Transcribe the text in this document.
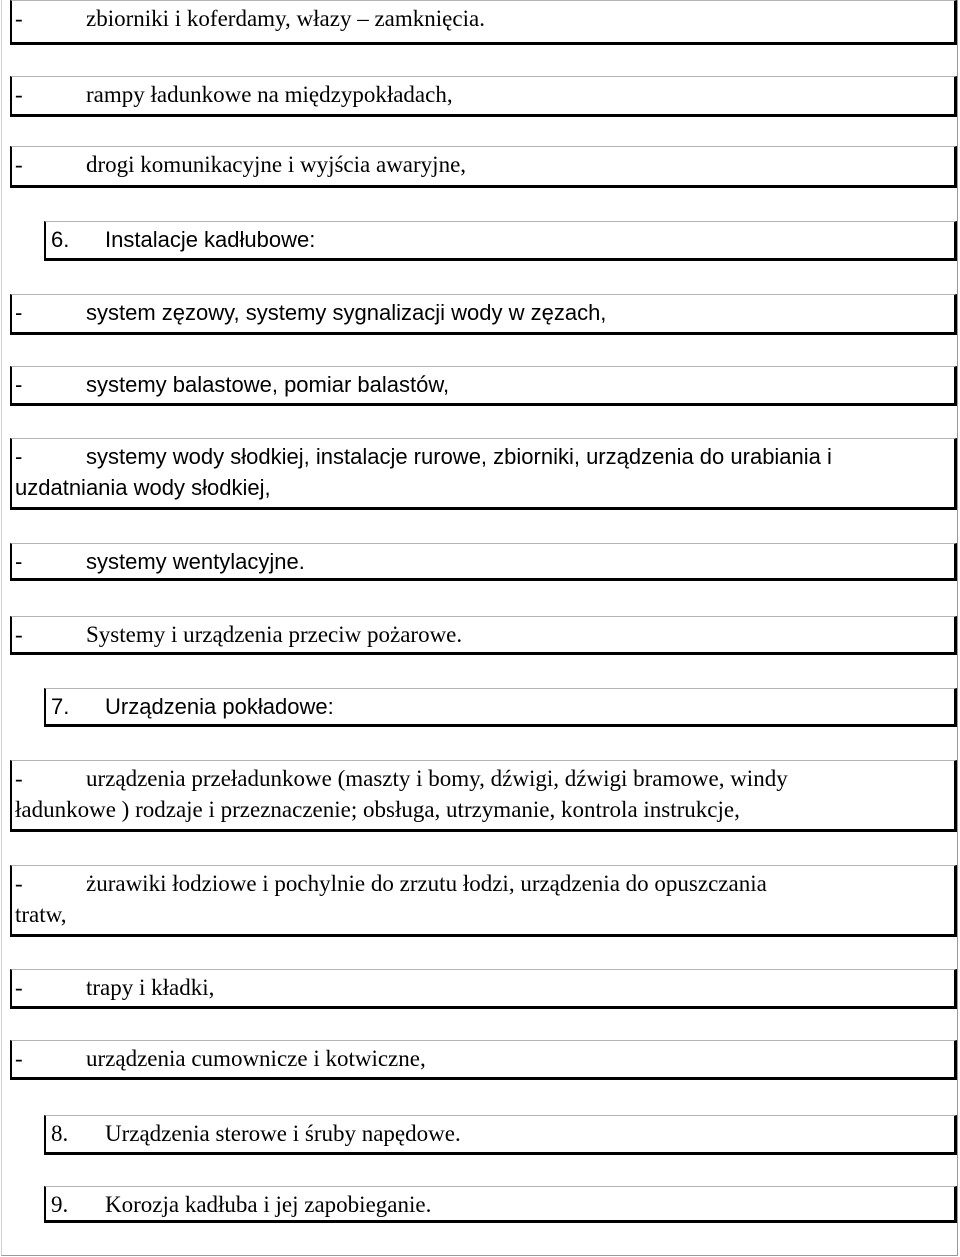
-	zbiorniki i koferdamy, włazy – zamknięcia.
-	rampy ładunkowe na międzypokładach,
-	drogi komunikacyjne i wyjścia awaryjne,
6. Instalacje kadłubowe:
-	system zęzowy, systemy sygnalizacji wody w zęzach,
-	systemy balastowe, pomiar balastów,
-	systemy wody słodkiej, instalacje rurowe, zbiorniki, urządzenia do urabiania i
uzdatniania wody słodkiej,
-	systemy wentylacyjne.
-	Systemy i urządzenia przeciw pożarowe.
7. Urządzenia pokładowe:
-	urządzenia przeładunkowe (maszty i bomy, dźwigi, dźwigi bramowe, windy
ładunkowe ) rodzaje i przeznaczenie; obsługa, utrzymanie, kontrola instrukcje,
-	żurawiki łodziowe i pochylnie do zrzutu łodzi, urządzenia do opuszczania
tratw,
-	trapy i kładki,
-	urządzenia cumownicze i kotwiczne,
8. Urządzenia sterowe i śruby napędowe.
9. Korozja kadłuba i jej zapobieganie.
